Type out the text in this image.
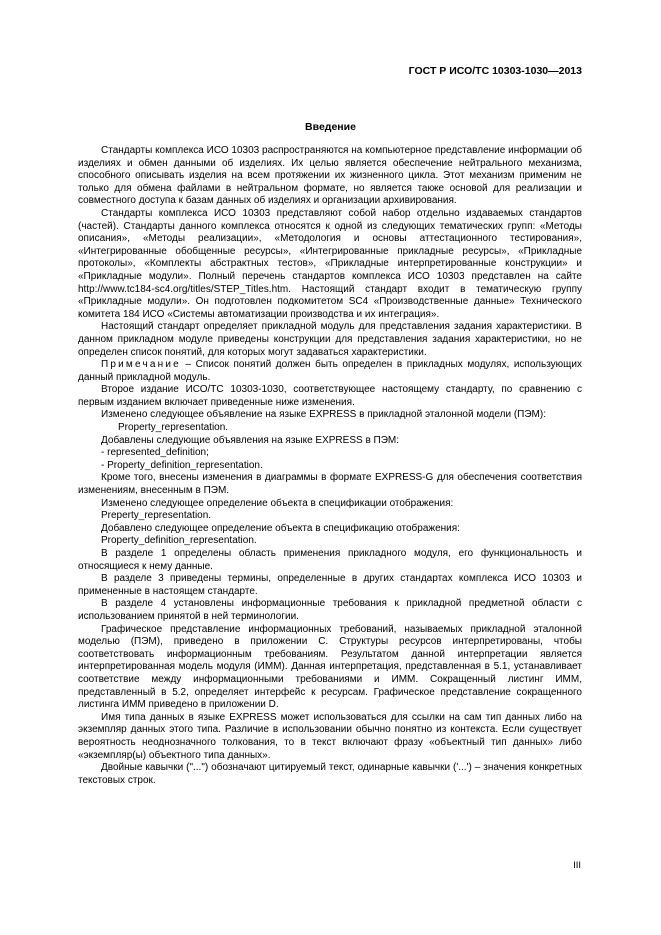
ГОСТ Р ИСО/ТС 10303-1030—2013
Введение

Стандарты комплекса ИСО 10303 распространяются на компьютерное представление информации об изделиях и обмен данными об изделиях. Их целью является обеспечение нейтрального механизма, способного описывать изделия на всем протяжении их жизненного цикла. Этот механизм применим не только для обмена файлами в нейтральном формате, но является также основой для реализации и совместного доступа к базам данных об изделиях и организации архивирования.

Стандарты комплекса ИСО 10303 представляют собой набор отдельно издаваемых стандартов (частей). Стандарты данного комплекса относятся к одной из следующих тематических групп: «Методы описания», «Методы реализации», «Методология и основы аттестационного тестирования», «Интегрированные обобщенные ресурсы», «Интегрированные прикладные ресурсы», «Прикладные протоколы», «Комплекты абстрактных тестов», «Прикладные интерпретированные конструкции» и «Прикладные модули». Полный перечень стандартов комплекса ИСО 10303 представлен на сайте http://www.tc184-sc4.org/titles/STEP_Titles.htm. Настоящий стандарт входит в тематическую группу «Прикладные модули». Он подготовлен подкомитетом SC4 «Производственные данные» Технического комитета 184 ИСО «Системы автоматизации производства и их интеграция».

Настоящий стандарт определяет прикладной модуль для представления задания характеристики. В данном прикладном модуле приведены конструкции для представления задания характеристики, но не определен список понятий, для которых могут задаваться характеристики.

Примечание – Список понятий должен быть определен в прикладных модулях, использующих данный прикладной модуль.

Второе издание ИСО/ТС 10303-1030, соответствующее настоящему стандарту, по сравнению с первым изданием включает приведенные ниже изменения.

Изменено следующее объявление на языке EXPRESS в прикладной эталонной модели (ПЭМ):

Property_representation.

Добавлены следующие объявления на языке EXPRESS в ПЭМ:

- represented_definition;

- Property_definition_representation.

Кроме того, внесены изменения в диаграммы в формате EXPRESS-G для обеспечения соответствия изменениям, внесенным в ПЭМ.

Изменено следующее определение объекта в спецификации отображения:

Preperty_representation.

Добавлено следующее определение объекта в спецификацию отображения:

Property_definition_representation.

В разделе 1 определены область применения прикладного модуля, его функциональность и относящиеся к нему данные.

В разделе 3 приведены термины, определенные в других стандартах комплекса ИСО 10303 и примененные в настоящем стандарте.

В разделе 4 установлены информационные требования к прикладной предметной области с использованием принятой в ней терминологии.

Графическое представление информационных требований, называемых прикладной эталонной моделью (ПЭМ), приведено в приложении С. Структуры ресурсов интерпретированы, чтобы соответствовать информационным требованиям. Результатом данной интерпретации является интерпретированная модель модуля (ИММ). Данная интерпретация, представленная в 5.1, устанавливает соответствие между информационными требованиями и ИММ. Сокращенный листинг ИММ, представленный в 5.2, определяет интерфейс к ресурсам. Графическое представление сокращенного листинга ИММ приведено в приложении D.

Имя типа данных в языке EXPRESS может использоваться для ссылки на сам тип данных либо на экземпляр данных этого типа. Различие в использовании обычно понятно из контекста. Если существует вероятность неоднозначного толкования, то в текст включают фразу «объектный тип данных» либо «экземпляр(ы) объектного типа данных».

Двойные кавычки ("...") обозначают цитируемый текст, одинарные кавычки ('...') – значения конкретных текстовых строк.

III
